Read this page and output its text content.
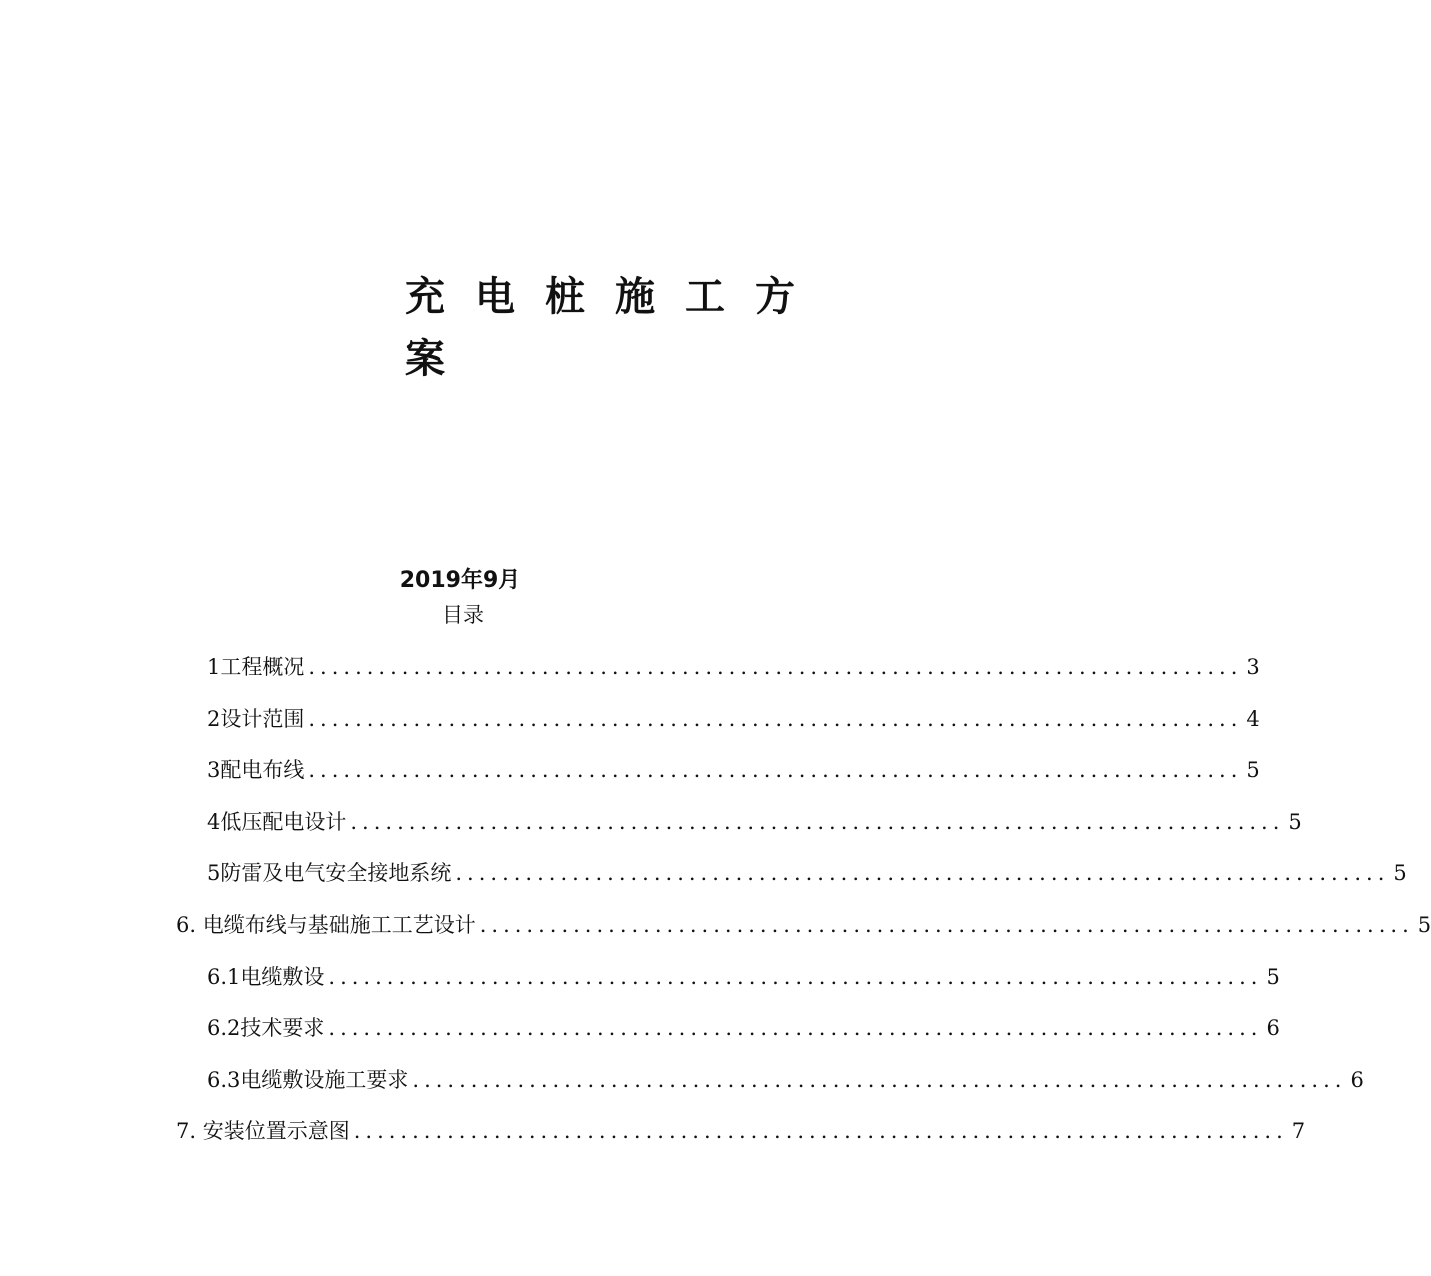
充 电 桩 施 工 方
案
2019年9月
目录
1工程概况 ................................................................................ 3
2设计范围 ................................................................................ 4
3配电布线 ................................................................................ 5
4低压配电设计 ................................................................................ 5
5防雷及电气安全接地系统 ................................................................................ 5
6. 电缆布线与基础施工工艺设计 ................................................................................ 5
6.1电缆敷设 ................................................................................ 5
6.2技术要求 ................................................................................ 6
6.3电缆敷设施工要求 ................................................................................ 6
7. 安装位置示意图 ................................................................................ 7
